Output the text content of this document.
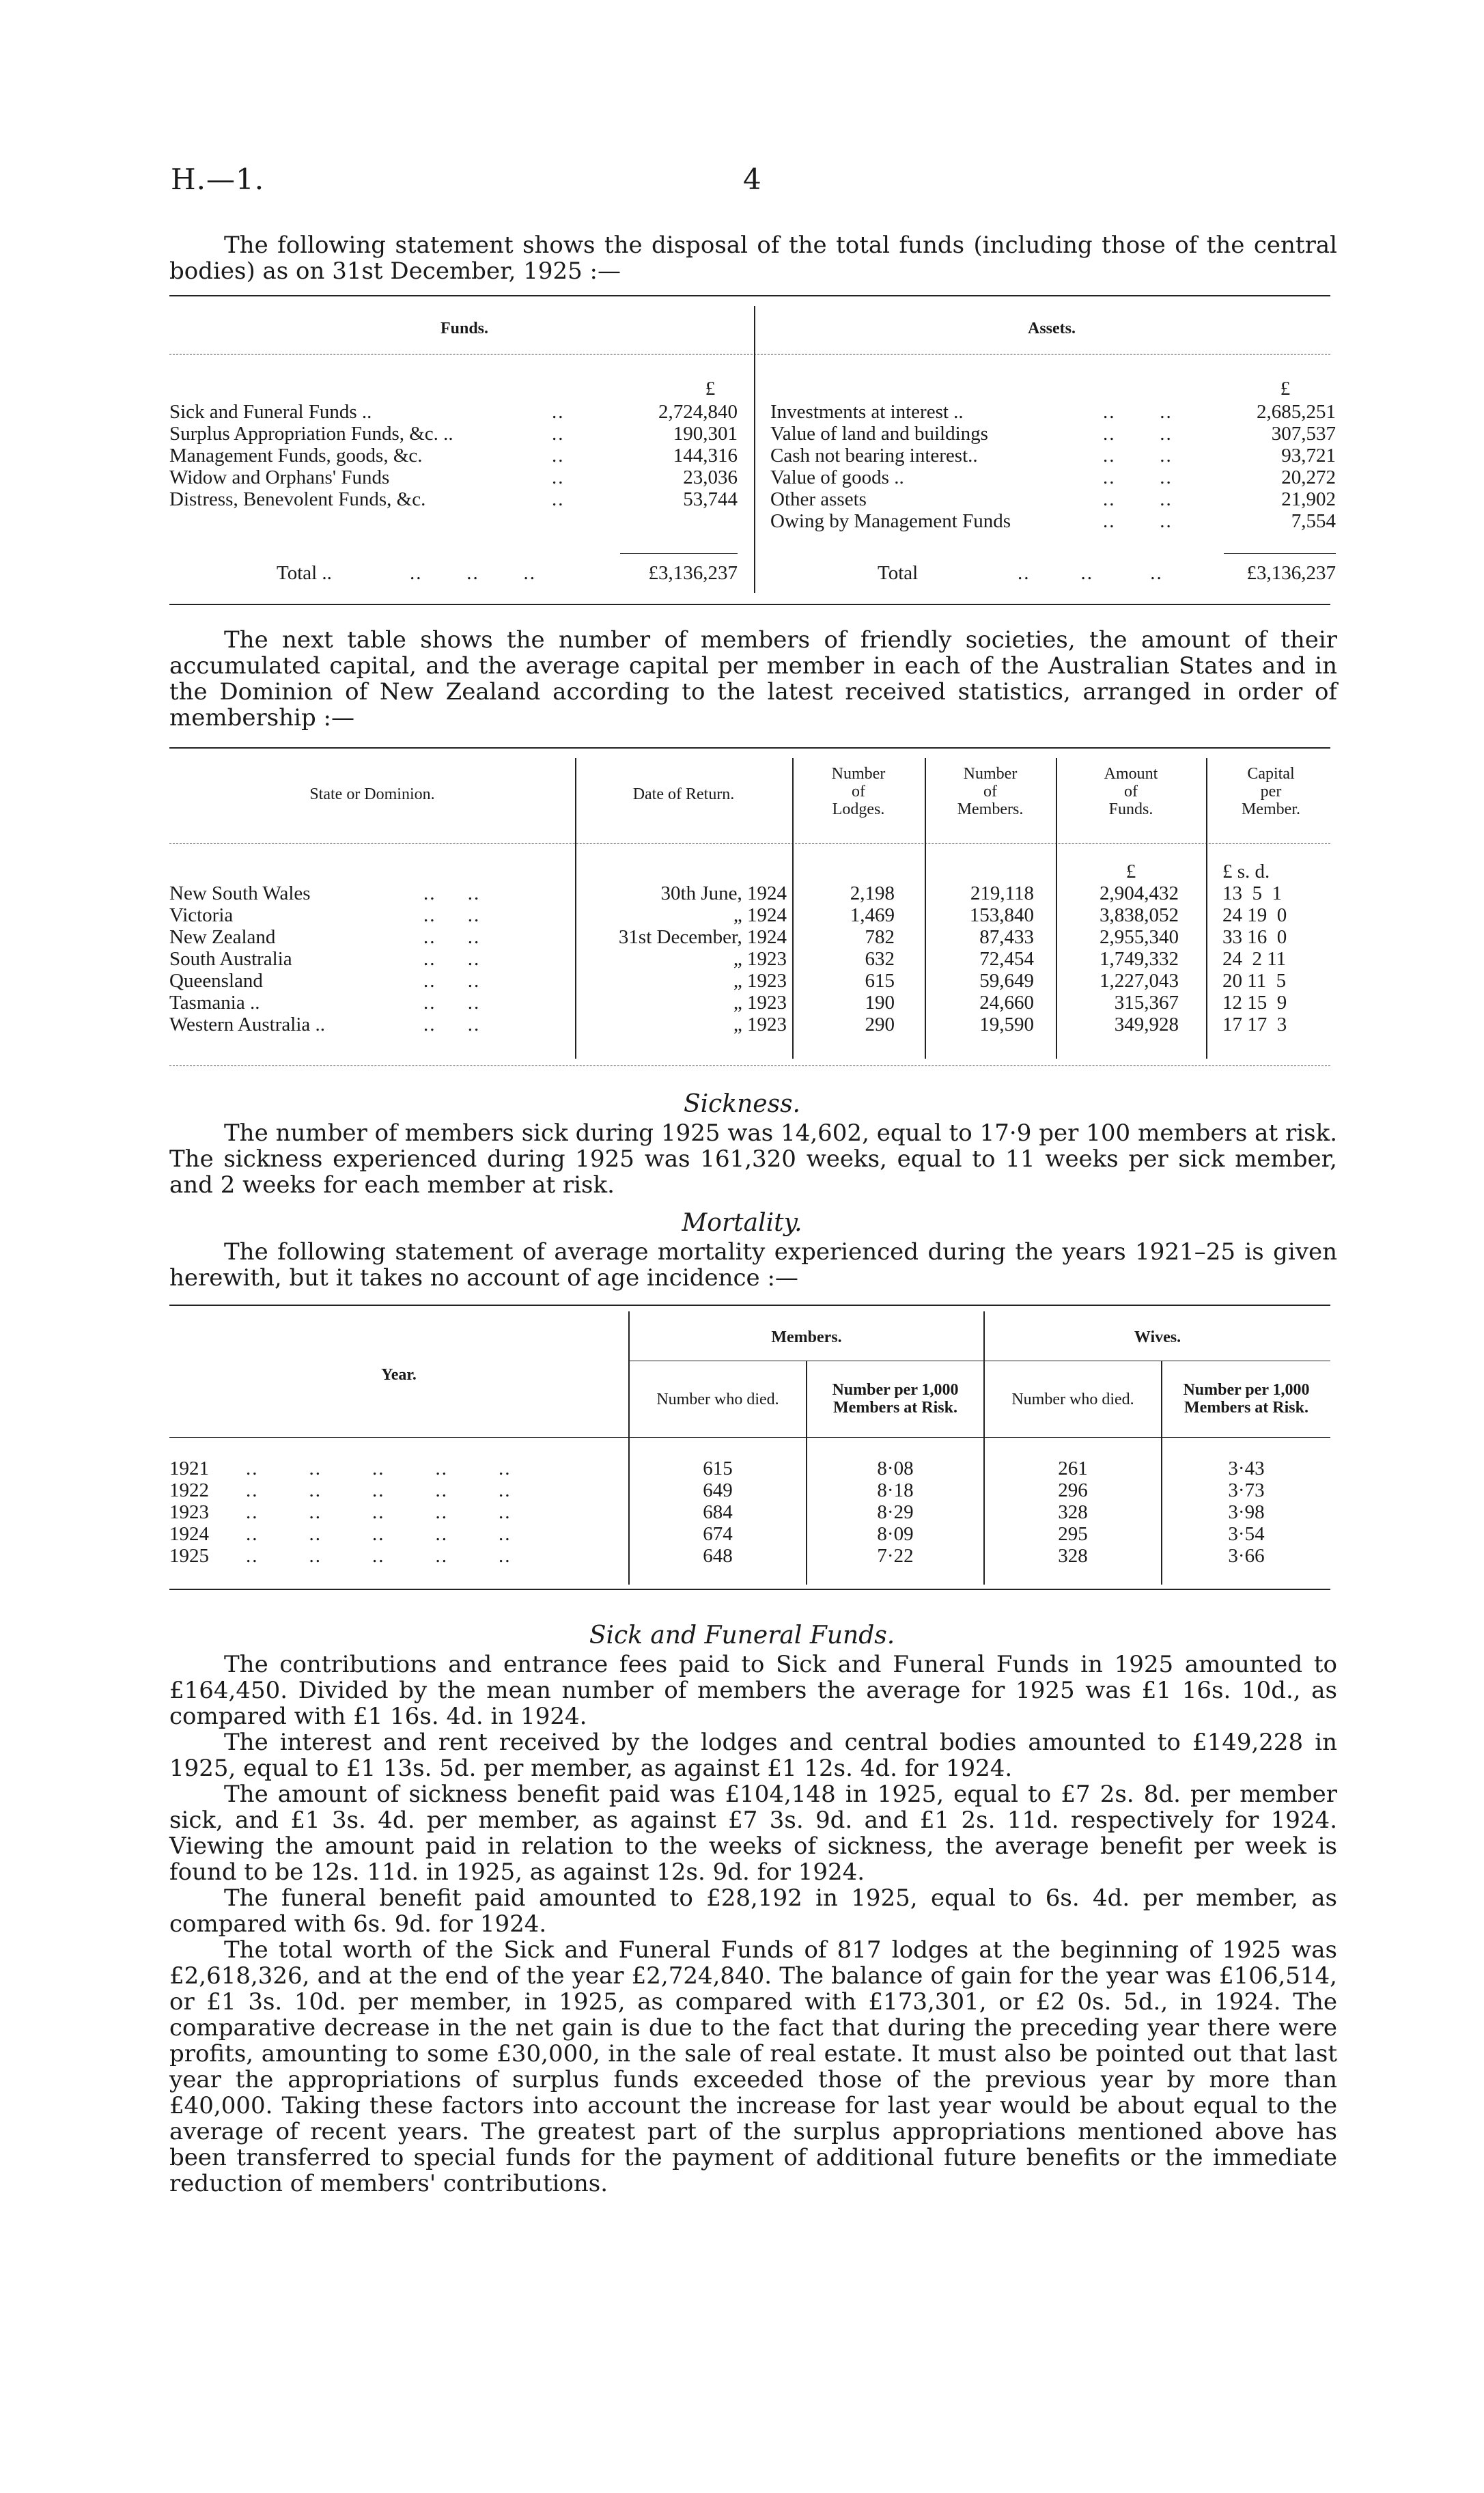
H.—1.	4

The following statement shows the disposal of the total funds (including those of the central bodies) as on 31st December, 1925 :—

Funds.	Assets.
£	£
Sick and Funeral Funds ..	..	2,724,840
Surplus Appropriation Funds, &c. ..	..	190,301
Management Funds, goods, &c.	..	144,316
Widow and Orphans' Funds	..	23,036
Distress, Benevolent Funds, &c.	..	53,744
Investments at interest ..	..       ..	2,685,251
Value of land and buildings	..       ..	307,537
Cash not bearing interest..	..       ..	93,721
Value of goods ..	..       ..	20,272
Other assets	..       ..	21,902
Owing by Management Funds	..       ..	7,554
Total ..	..       ..       ..	£3,136,237	Total	..        ..         ..	£3,136,237

The next table shows the number of members of friendly societies, the amount of their accumulated capital, and the average capital per member in each of the Australian States and in the Dominion of New Zealand according to the latest received statistics, arranged in order of membership :—

State or Dominion.	Date of Return.
Number
of
Lodges.
Number
of
Members.
Amount
of
Funds.
Capital
per
Member.
£	£ s. d.
New South Wales	..     ..	30th June, 1924	2,198	219,118	2,904,432 13  5  1
Victoria	..     ..	„ 1924	1,469	153,840	3,838,052 24 19  0
New Zealand	..     ..	31st December, 1924	782	87,433	2,955,340 33 16  0
South Australia	..     ..	„ 1923	632	72,454	1,749,332 24  2 11
Queensland	..     ..	„ 1923	615	59,649	1,227,043 20 11  5
Tasmania ..	..     ..	„ 1923	190	24,660	315,367 12 15  9
Western Australia ..	..     ..	„ 1923	290	19,590	349,928 17 17  3
Sickness.

The number of members sick during 1925 was 14,602, equal to 17·9 per 100 members at risk. The sickness experienced during 1925 was 161,320 weeks, equal to 11 weeks per sick member, and 2 weeks for each member at risk.

Mortality.

The following statement of average mortality experienced during the years 1921–25 is given herewith, but it takes no account of age incidence :—

Year.
Members.	Wives.
Number who died.
Number per 1,000
Members at Risk.	Number who died.
Number per 1,000
Members at Risk.
1921 ..        ..        ..        ..        ..	615	8·08	261	3·43
1922 ..        ..        ..        ..        ..	649	8·18	296	3·73
1923 ..        ..        ..        ..        ..	684	8·29	328	3·98
1924 ..        ..        ..        ..        ..	674	8·09	295	3·54
1925 ..        ..        ..        ..        ..	648	7·22	328	3·66
Sick and Funeral Funds.

The contributions and entrance fees paid to Sick and Funeral Funds in 1925 amounted to £164,450. Divided by the mean number of members the average for 1925 was £1 16s. 10d., as compared with £1 16s. 4d. in 1924.

The interest and rent received by the lodges and central bodies amounted to £149,228 in 1925, equal to £1 13s. 5d. per member, as against £1 12s. 4d. for 1924.

The amount of sickness benefit paid was £104,148 in 1925, equal to £7 2s. 8d. per member sick, and £1 3s. 4d. per member, as against £7 3s. 9d. and £1 2s. 11d. respectively for 1924. Viewing the amount paid in relation to the weeks of sickness, the average benefit per week is found to be 12s. 11d. in 1925, as against 12s. 9d. for 1924.

The funeral benefit paid amounted to £28,192 in 1925, equal to 6s. 4d. per member, as compared with 6s. 9d. for 1924.

The total worth of the Sick and Funeral Funds of 817 lodges at the beginning of 1925 was £2,618,326, and at the end of the year £2,724,840. The balance of gain for the year was £106,514, or £1 3s. 10d. per member, in 1925, as compared with £173,301, or £2 0s. 5d., in 1924. The comparative decrease in the net gain is due to the fact that during the preceding year there were profits, amounting to some £30,000, in the sale of real estate. It must also be pointed out that last year the appropriations of surplus funds exceeded those of the previous year by more than £40,000. Taking these factors into account the increase for last year would be about equal to the average of recent years. The greatest part of the surplus appropriations mentioned above has been transferred to special funds for the payment of additional future benefits or the immediate reduction of members' contributions.
